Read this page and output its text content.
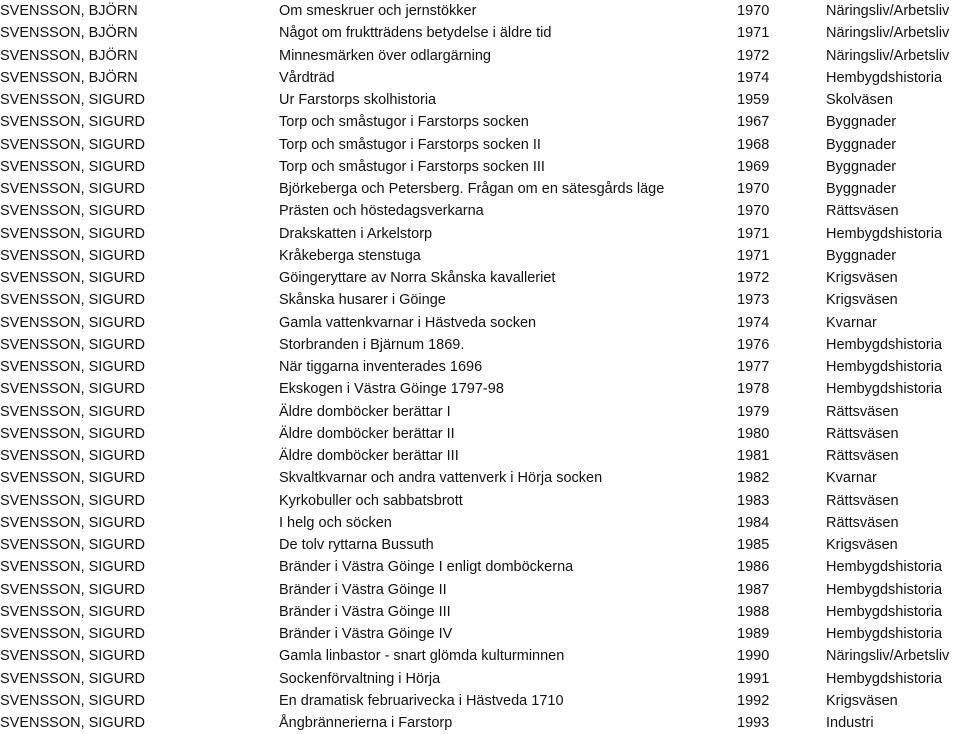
SVENSSON, BJÖRN	Om smeskruer och jernstökker	1970	Näringsliv/Arbetsliv
SVENSSON, BJÖRN	Något om fruktträdens betydelse i äldre tid	1971	Näringsliv/Arbetsliv
SVENSSON, BJÖRN	Minnesmärken över odlargärning	1972	Näringsliv/Arbetsliv
SVENSSON, BJÖRN	Vårdträd	1974	Hembygdshistoria
SVENSSON, SIGURD	Ur Farstorps skolhistoria	1959	Skolväsen
SVENSSON, SIGURD	Torp och småstugor i Farstorps socken	1967	Byggnader
SVENSSON, SIGURD	Torp och småstugor i Farstorps socken II	1968	Byggnader
SVENSSON, SIGURD	Torp och småstugor i Farstorps socken III	1969	Byggnader
SVENSSON, SIGURD	Björkeberga och Petersberg. Frågan om en sätesgårds läge	1970	Byggnader
SVENSSON, SIGURD	Prästen och höstedagsverkarna	1970	Rättsväsen
SVENSSON, SIGURD	Drakskatten i Arkelstorp	1971	Hembygdshistoria
SVENSSON, SIGURD	Kråkeberga stenstuga	1971	Byggnader
SVENSSON, SIGURD	Göingeryttare av Norra Skånska kavalleriet	1972	Krigsväsen
SVENSSON, SIGURD	Skånska husarer i Göinge	1973	Krigsväsen
SVENSSON, SIGURD	Gamla vattenkvarnar i Hästveda socken	1974	Kvarnar
SVENSSON, SIGURD	Storbranden i Bjärnum 1869.	1976	Hembygdshistoria
SVENSSON, SIGURD	När tiggarna inventerades 1696	1977	Hembygdshistoria
SVENSSON, SIGURD	Ekskogen i Västra Göinge 1797-98	1978	Hembygdshistoria
SVENSSON, SIGURD	Äldre domböcker berättar I	1979	Rättsväsen
SVENSSON, SIGURD	Äldre domböcker berättar II	1980	Rättsväsen
SVENSSON, SIGURD	Äldre domböcker berättar III	1981	Rättsväsen
SVENSSON, SIGURD	Skvaltkvarnar och andra vattenverk i Hörja socken	1982	Kvarnar
SVENSSON, SIGURD	Kyrkobuller och sabbatsbrott	1983	Rättsväsen
SVENSSON, SIGURD	I helg och söcken	1984	Rättsväsen
SVENSSON, SIGURD	De tolv ryttarna Bussuth	1985	Krigsväsen
SVENSSON, SIGURD	Bränder i Västra Göinge I enligt domböckerna	1986	Hembygdshistoria
SVENSSON, SIGURD	Bränder i Västra Göinge II	1987	Hembygdshistoria
SVENSSON, SIGURD	Bränder i Västra Göinge III	1988	Hembygdshistoria
SVENSSON, SIGURD	Bränder i Västra Göinge IV	1989	Hembygdshistoria
SVENSSON, SIGURD	Gamla linbastor - snart glömda kulturminnen	1990	Näringsliv/Arbetsliv
SVENSSON, SIGURD	Sockenförvaltning i Hörja	1991	Hembygdshistoria
SVENSSON, SIGURD	En dramatisk februarivecka i Hästveda 1710	1992	Krigsväsen
SVENSSON, SIGURD	Ångbrännerierna i Farstorp	1993	Industri
